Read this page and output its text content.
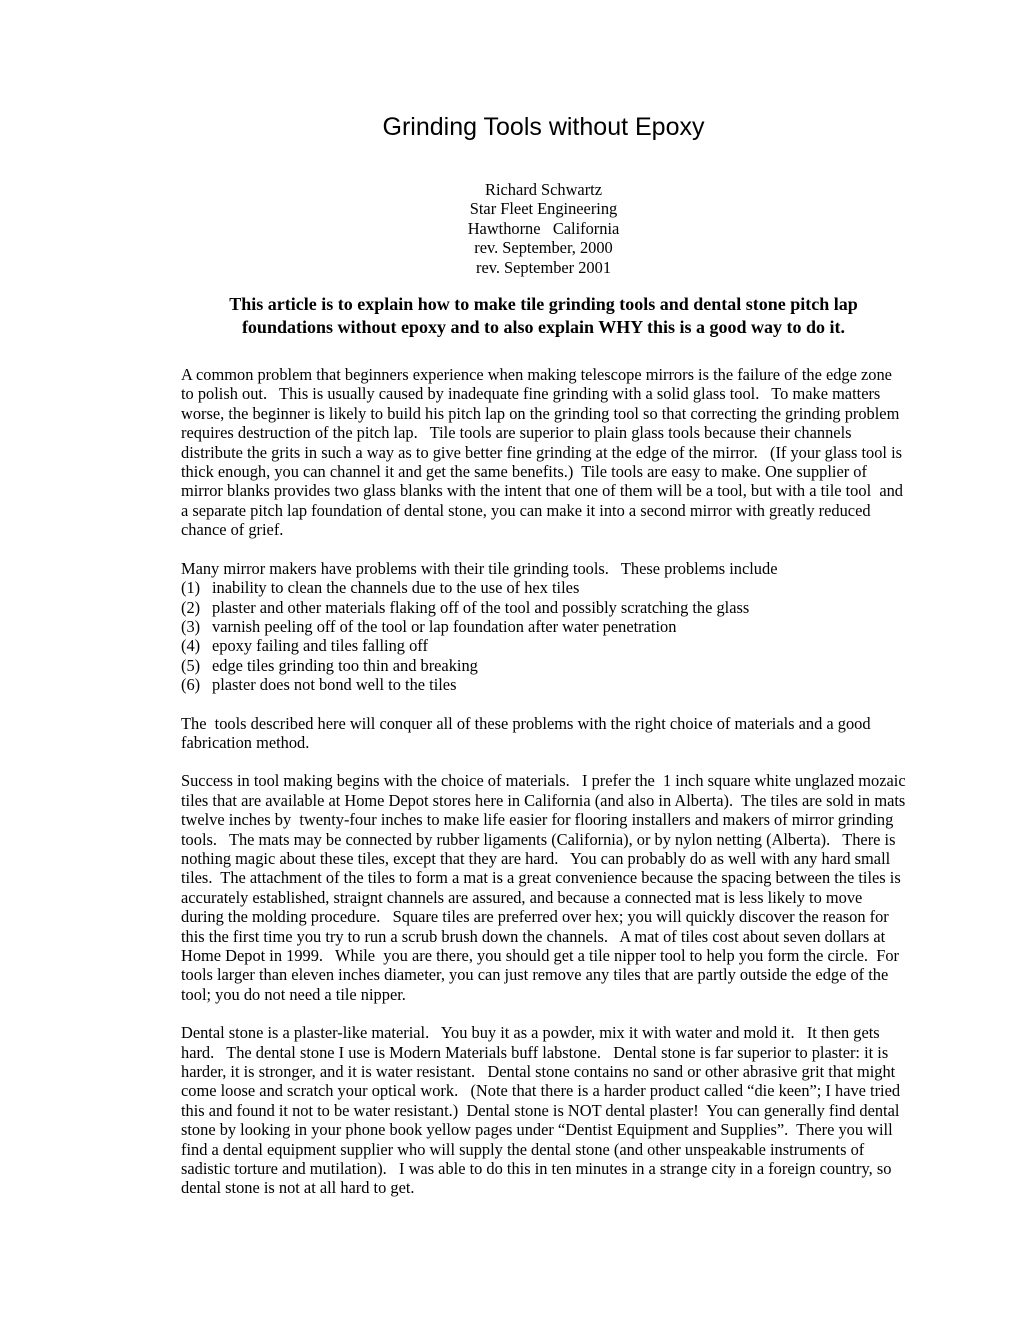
Grinding Tools without Epoxy
Richard Schwartz
Star Fleet Engineering
Hawthorne   California
rev. September, 2000
rev. September 2001
This article is to explain how to make tile grinding tools and dental stone pitch lap foundations without epoxy and to also explain WHY this is a good way to do it.

A common problem that beginners experience when making telescope mirrors is the failure of the edge zone to polish out.   This is usually caused by inadequate fine grinding with a solid glass tool.   To make matters worse, the beginner is likely to build his pitch lap on the grinding tool so that correcting the grinding problem requires destruction of the pitch lap.   Tile tools are superior to plain glass tools because their channels distribute the grits in such a way as to give better fine grinding at the edge of the mirror.   (If your glass tool is thick enough, you can channel it and get the same benefits.)  Tile tools are easy to make. One supplier of mirror blanks provides two glass blanks with the intent that one of them will be a tool, but with a tile tool  and a separate pitch lap foundation of dental stone, you can make it into a second mirror with greatly reduced chance of grief.

Many mirror makers have problems with their tile grinding tools.   These problems include

(1) inability to clean the channels due to the use of hex tiles
(2) plaster and other materials flaking off of the tool and possibly scratching the glass
(3) varnish peeling off of the tool or lap foundation after water penetration
(4) epoxy failing and tiles falling off
(5) edge tiles grinding too thin and breaking
(6) plaster does not bond well to the tiles

The  tools described here will conquer all of these problems with the right choice of materials and a good fabrication method.

Success in tool making begins with the choice of materials.   I prefer the  1 inch square white unglazed mozaic tiles that are available at Home Depot stores here in California (and also in Alberta).  The tiles are sold in mats twelve inches by  twenty-four inches to make life easier for flooring installers and makers of mirror grinding tools.   The mats may be connected by rubber ligaments (California), or by nylon netting (Alberta).   There is nothing magic about these tiles, except that they are hard.   You can probably do as well with any hard small tiles.  The attachment of the tiles to form a mat is a great convenience because the spacing between the tiles is accurately established, straignt channels are assured, and because a connected mat is less likely to move during the molding procedure.   Square tiles are preferred over hex; you will quickly discover the reason for this the first time you try to run a scrub brush down the channels.   A mat of tiles cost about seven dollars at Home Depot in 1999.   While  you are there, you should get a tile nipper tool to help you form the circle.  For tools larger than eleven inches diameter, you can just remove any tiles that are partly outside the edge of the tool; you do not need a tile nipper.

Dental stone is a plaster-like material.   You buy it as a powder, mix it with water and mold it.   It then gets hard.   The dental stone I use is Modern Materials buff labstone.   Dental stone is far superior to plaster: it is harder, it is stronger, and it is water resistant.   Dental stone contains no sand or other abrasive grit that might come loose and scratch your optical work.   (Note that there is a harder product called “die keen”; I have tried this and found it not to be water resistant.)  Dental stone is NOT dental plaster!  You can generally find dental stone by looking in your phone book yellow pages under “Dentist Equipment and Supplies”.  There you will find a dental equipment supplier who will supply the dental stone (and other unspeakable instruments of sadistic torture and mutilation).   I was able to do this in ten minutes in a strange city in a foreign country, so dental stone is not at all hard to get.
